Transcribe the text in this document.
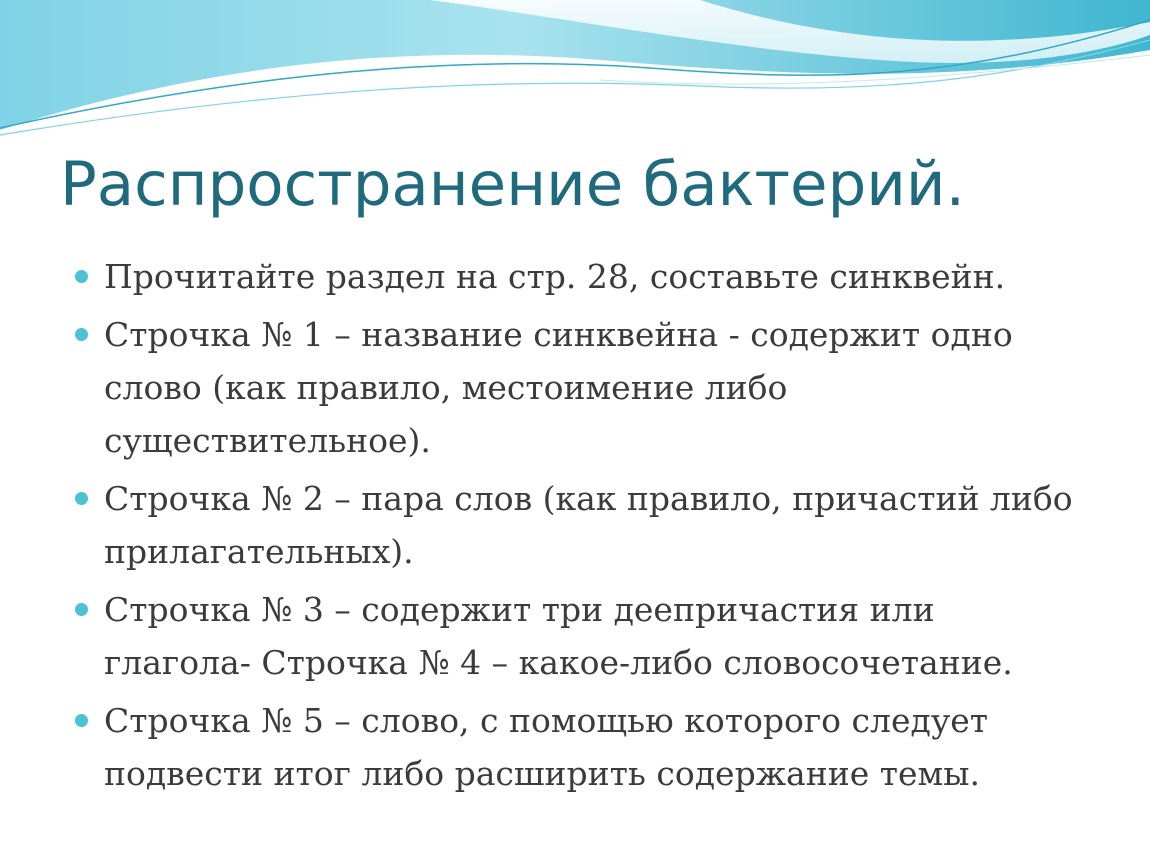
Распространение бактерий.
Прочитайте раздел на стр. 28, составьте синквейн.
Строчка № 1 – название синквейна - содержит одно слово (как правило, местоимение либо существительное).
Строчка № 2 – пара слов (как правило, причастий либо прилагательных).
Строчка № 3 – содержит три деепричастия или глагола- Строчка № 4 – какое-либо словосочетание.
Строчка № 5 – слово, с помощью которого следует подвести итог либо расширить содержание темы.
